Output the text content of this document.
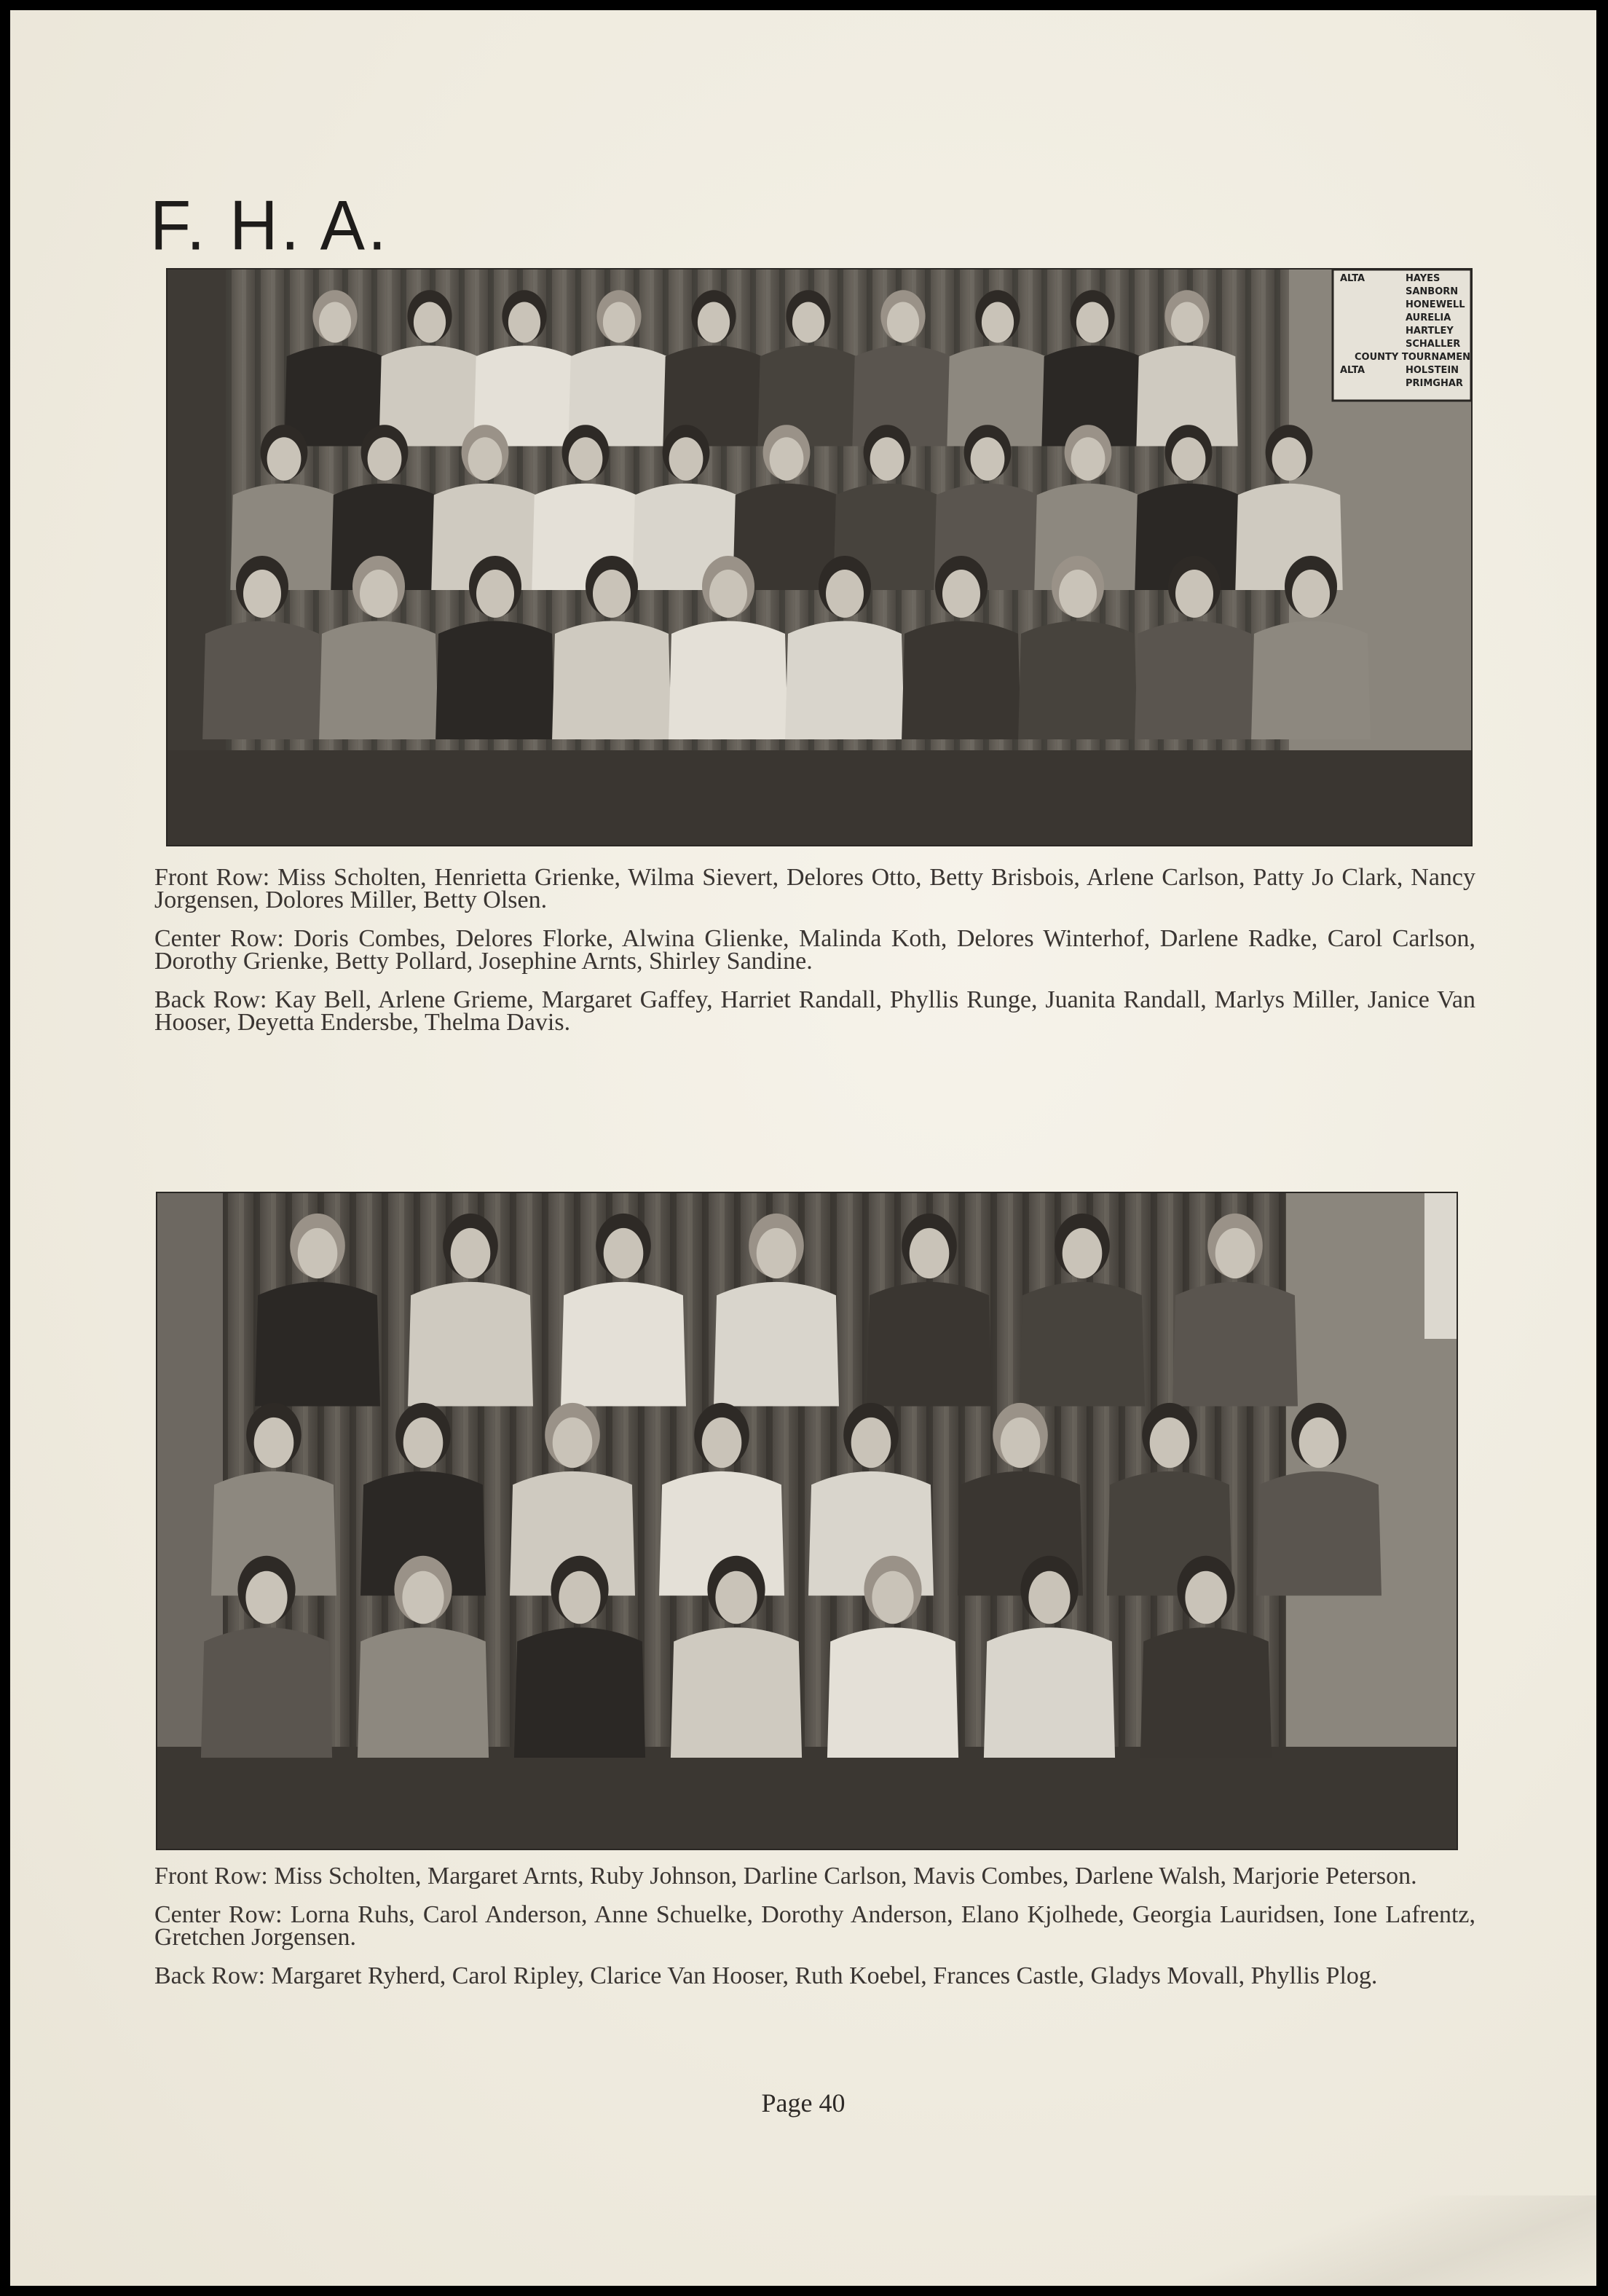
F. H. A.
ALTA	HAYES
SANBORN
HONEWELL
AURELIA
HARTLEY
SCHALLER
COUNTY TOURNAMEN
ALTA	HOLSTEIN
PRIMGHAR

Front Row: Miss Scholten, Henrietta Grienke, Wilma Sievert, Delores Otto, Betty Brisbois, Arlene Carlson, Patty Jo Clark, Nancy Jorgensen, Dolores Miller, Betty Olsen.

Center Row: Doris Combes, Delores Florke, Alwina Glienke, Malinda Koth, Delores Winterhof, Darlene Radke, Carol Carlson, Dorothy Grienke, Betty Pollard, Josephine Arnts, Shirley Sandine.

Back Row: Kay Bell, Arlene Grieme, Margaret Gaffey, Harriet Randall, Phyllis Runge, Juanita Randall, Marlys Miller, Janice Van Hooser, Deyetta Endersbe, Thelma Davis.

Front Row: Miss Scholten, Margaret Arnts, Ruby Johnson, Darline Carlson, Mavis Combes, Darlene Walsh, Marjorie Peterson.

Center Row: Lorna Ruhs, Carol Anderson, Anne Schuelke, Dorothy Anderson, Elano Kjolhede, Georgia Lauridsen, Ione Lafrentz, Gretchen Jorgensen.

Back Row: Margaret Ryherd, Carol Ripley, Clarice Van Hooser, Ruth Koebel, Frances Castle, Gladys Movall, Phyllis Plog.

Page 40
